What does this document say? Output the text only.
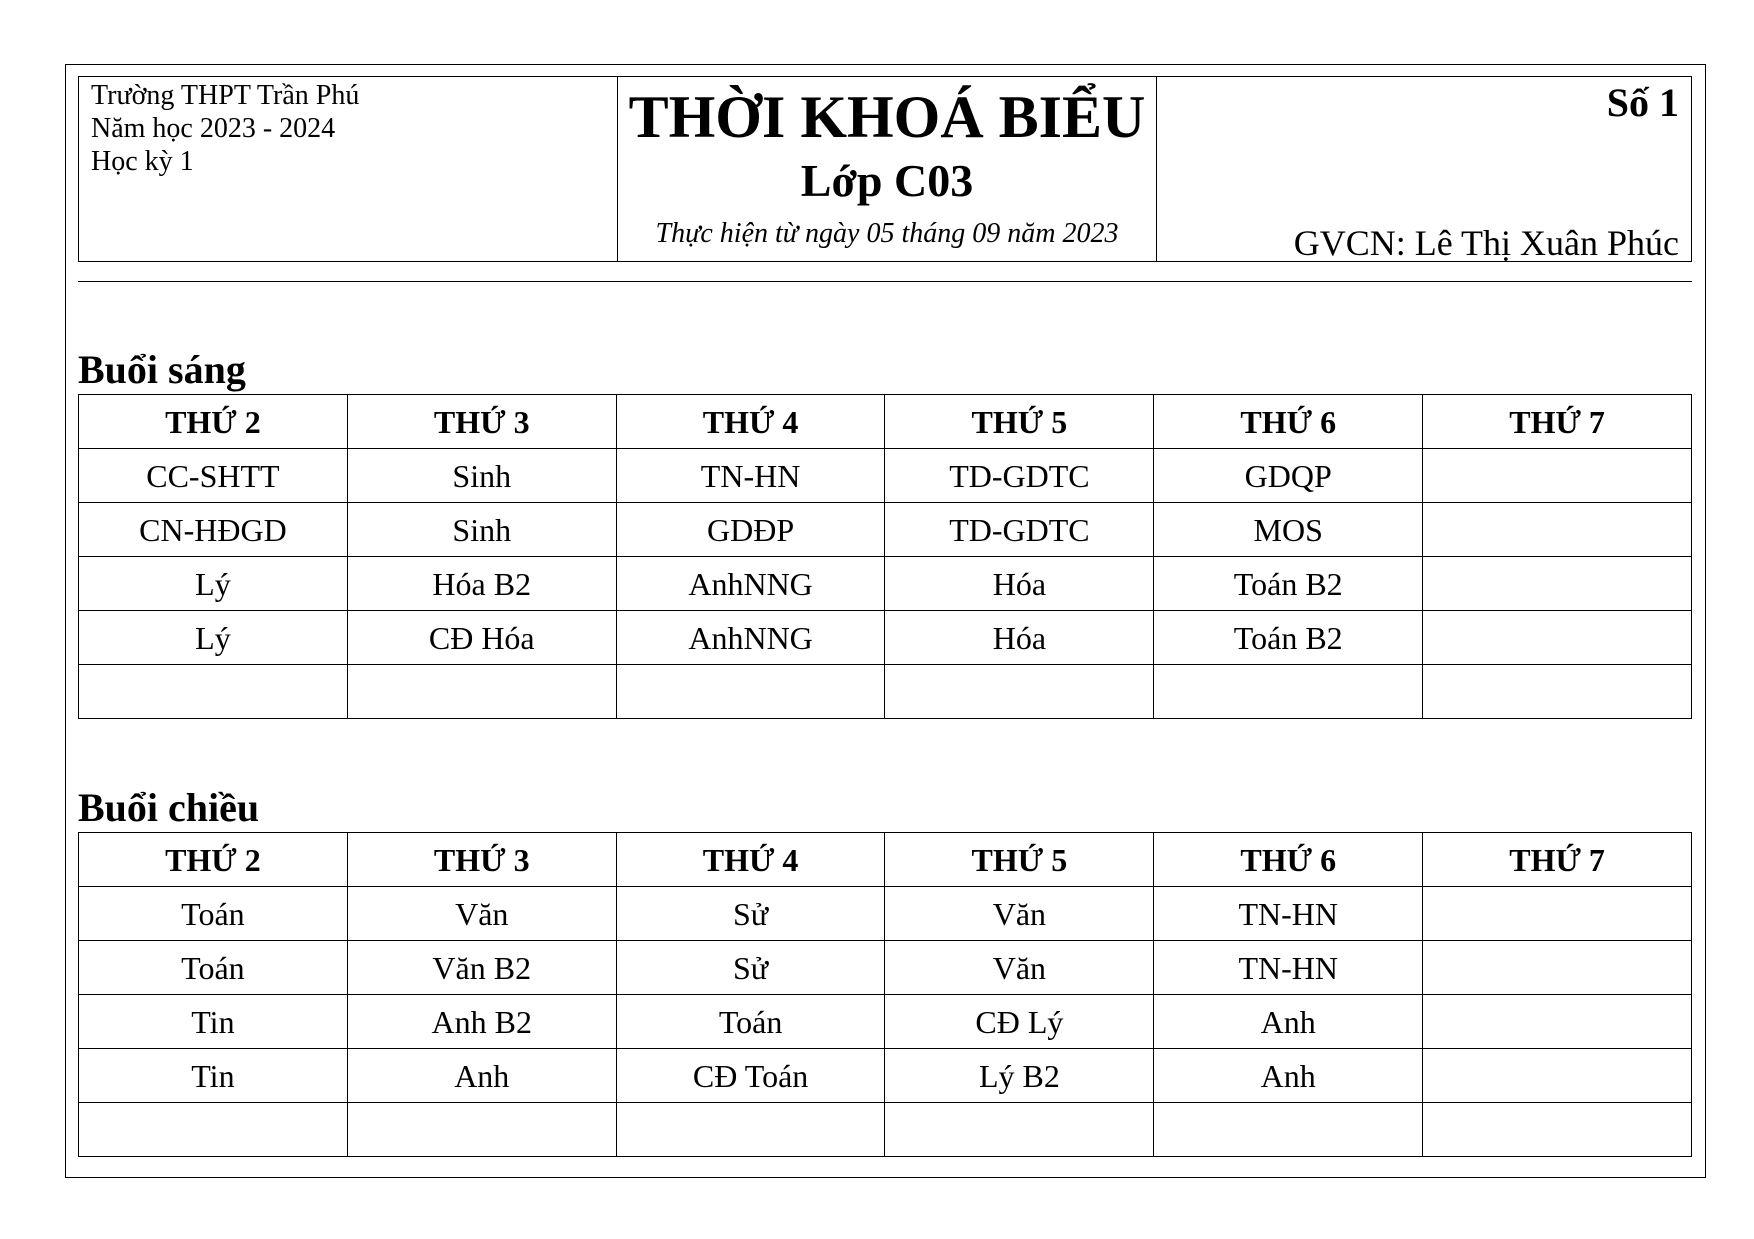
Trường THPT Trần Phú
Năm học 2023 - 2024
Học kỳ 1
THỜI KHOÁ BIỂU
Lớp C03
Thực hiện từ ngày 05 tháng 09 năm 2023
Số 1
GVCN: Lê Thị Xuân Phúc
Buổi sáng
THỨ 2	THỨ 3	THỨ 4	THỨ 5	THỨ 6	THỨ 7
CC-SHTT	Sinh	TN-HN	TD-GDTC	GDQP	
CN-HĐGD	Sinh	GDĐP	TD-GDTC	MOS	
Lý	Hóa B2	AnhNNG	Hóa	Toán B2	
Lý	CĐ Hóa	AnhNNG	Hóa	Toán B2	

Buổi chiều
THỨ 2	THỨ 3	THỨ 4	THỨ 5	THỨ 6	THỨ 7
Toán	Văn	Sử	Văn	TN-HN	
Toán	Văn B2	Sử	Văn	TN-HN	
Tin	Anh B2	Toán	CĐ Lý	Anh	
Tin	Anh	CĐ Toán	Lý B2	Anh	
